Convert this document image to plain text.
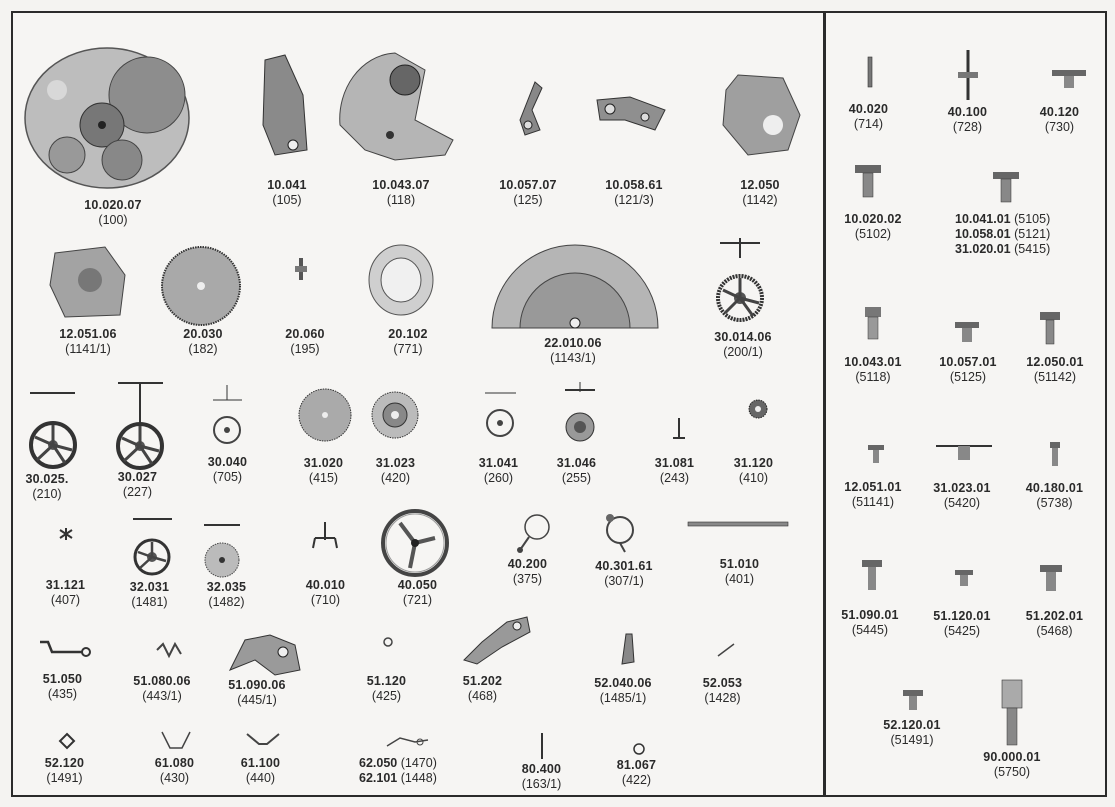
10.020.07
(100)
10.041
(105)
10.043.07
(118)
10.057.07
(125)
10.058.61
(121/3)
12.050
(1142)
12.051.06
(1141/1)
20.030
(182)
20.060
(195)
20.102
(771)	22.010.06
(1143/1)
30.014.06
(200/1)
30.025.
(210)
30.027
(227)
30.040
(705)
31.020
(415)
31.023
(420)
31.041
(260)
31.046
(255)
31.081
(243)
31.120
(410)
31.121
(407)
32.031
(1481)
32.035
(1482)
40.010
(710)
40.050
(721)
40.200
(375)
40.301.61
(307/1)
51.010
(401)
51.050
(435)
51.080.06
(443/1)
51.090.06
(445/1)
51.120
(425)
51.202
(468)
52.040.06
(1485/1)
52.053
(1428)
52.120
(1491)
61.080
(430)
61.100
(440)
62.050 (1470)
62.101 (1448)
80.400
(163/1)
81.067
(422)
40.020
(714)
40.100
(728)
40.120
(730)
10.020.02
(5102)
10.041.01 (5105)
10.058.01 (5121)
31.020.01 (5415)
10.043.01
(5118)
10.057.01
(5125)
12.050.01
(51142)
12.051.01
(51141)
31.023.01
(5420)
40.180.01
(5738)
51.090.01
(5445)
51.120.01
(5425)
51.202.01
(5468)
52.120.01
(51491)
90.000.01
(5750)
